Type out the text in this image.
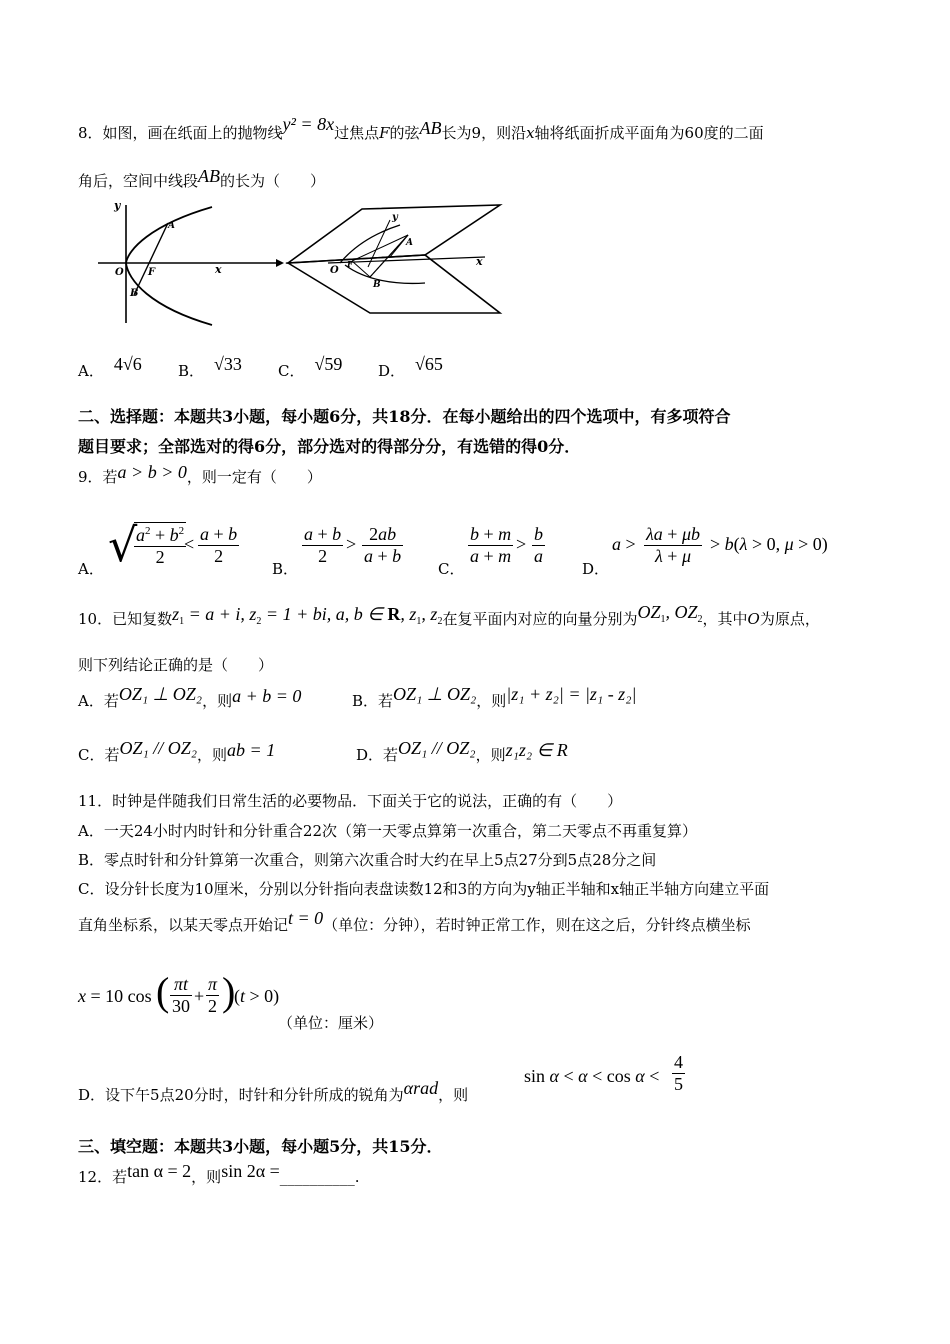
8．如图，画在纸面上的抛物线y² = 8x过焦点F的弦AB长为9，则沿x轴将纸面折成平面角为60度的二面
角后，空间中线段AB的长为（　　）
y
A
O F
B
x
y
A
O
F
B
x
A． 4√6 B． √33 C． √59 D． √65
二、选择题：本题共3小题，每小题6分，共18分．在每小题给出的四个选项中，有多项符合
题目要求；全部选对的得6分，部分选对的得部分分，有选错的得0分．
9．若a > b > 0，则一定有（　　）
A． √
$\frac{a^2 + b^2}{2}$
< $\frac{a + b}{2}$
B．
$\frac{a + b}{2} > \frac{2ab}{a + b}$
C．
$\frac{b + m}{a + m} > \frac{b}{a}$
D．
$a > \frac{\lambda a + \mu b}{\lambda + \mu} > b(\lambda > 0$, μ > 0)
10．已知复数$z_1 = a + i$, $z_2 = 1$ + bi, a, b ∈ R, $z_1$, $z_2$在复平面内对应的向量分别为$OZ_1$, $OZ_2$，其中O为原点，
则下列结论正确的是（　　）
A．若OZ₁ ⊥ OZ₂，则a + b = 0	B．若OZ₁ ⊥ OZ₂，则|z₁ + z₂| = |z₁ - z₂|
C．若OZ₁ // OZ₂，则ab = 1	D．若OZ₁ // OZ₂，则z₁z₂ ∈ R
11．时钟是伴随我们日常生活的必要物品．下面关于它的说法，正确的有（　　）
A．一天24小时内时针和分针重合22次（第一天零点算第一次重合，第二天零点不再重复算）
B．零点时针和分针算第一次重合，则第六次重合时大约在早上5点27分到5点28分之间
C．设分针长度为10厘米，分别以分针指向表盘读数12和3的方向为y轴正半轴和x轴正半轴方向建立平面
直角坐标系，以某天零点开始记t = 0（单位：分钟），若时钟正常工作，则在这之后，分针终点横坐标
x = 10 cos ( $\frac{\pi t}{30} + \frac{\pi}{2}$ )
(t > 0)
（单位：厘米）
D．设下午5点20分时，时针和分针所成的锐角为αrad，则
$\sin \alpha < \alpha < \cos \alpha < \frac{4}{5}$
三、填空题：本题共3小题，每小题5分，共15分．
12．若tan α = 2，则sin 2α =__________.
